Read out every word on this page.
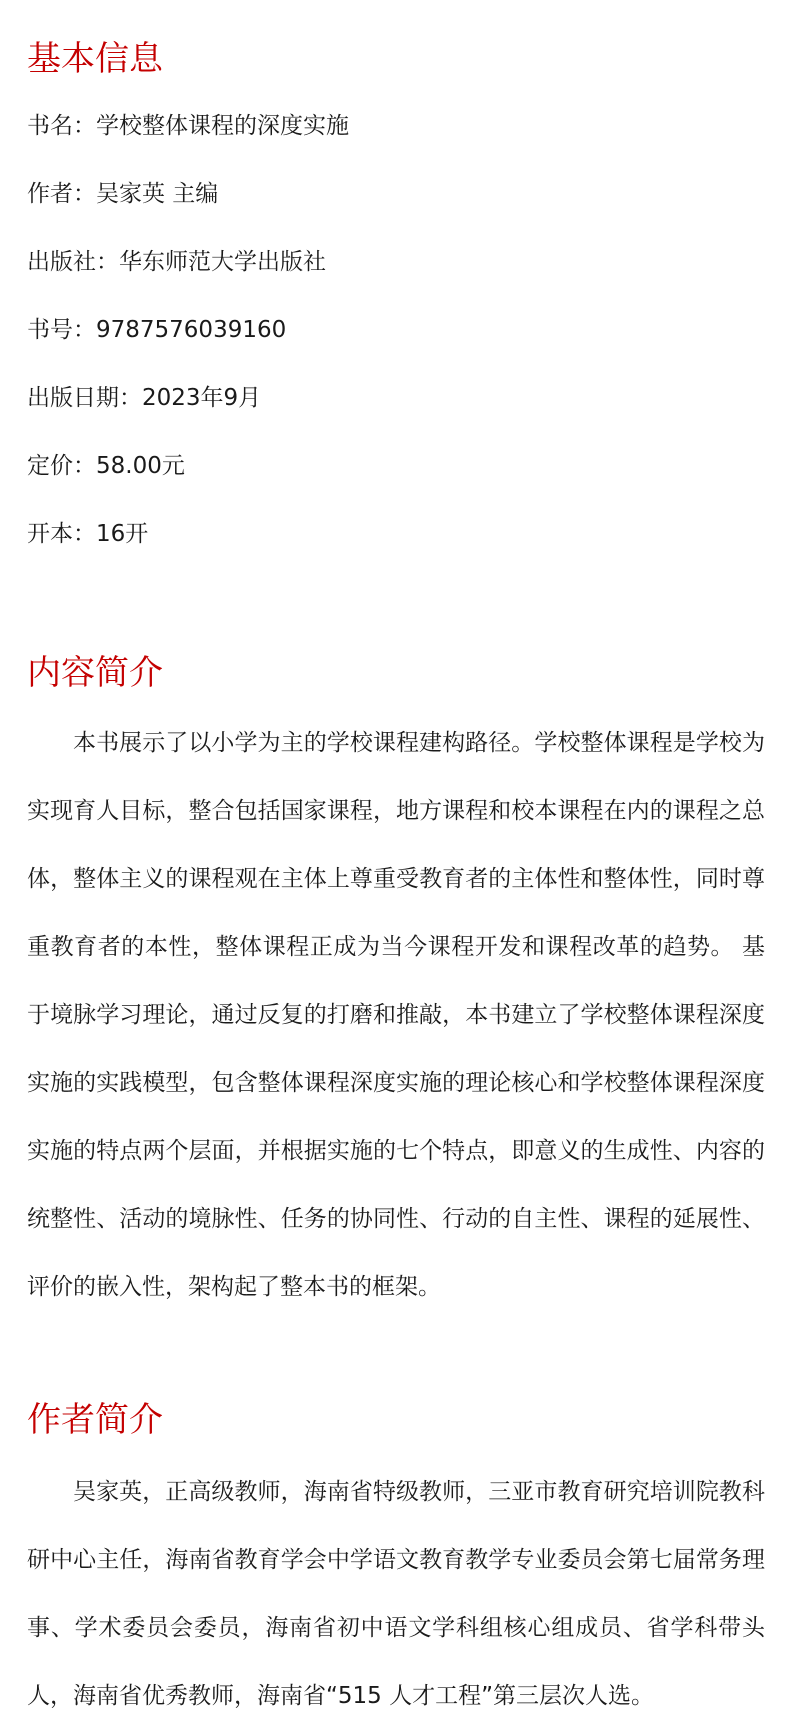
基本信息

书名：学校整体课程的深度实施

作者：吴家英 主编

出版社：华东师范大学出版社

书号：9787576039160

出版日期：2023年9月

定价：58.00元

开本：16开

内容简介

本书展示了以小学为主的学校课程建构路径。学校整体课程是学校为实现育人目标，整合包括国家课程，地方课程和校本课程在内的课程之总体，整体主义的课程观在主体上尊重受教育者的主体性和整体性，同时尊重教育者的本性，整体课程正成为当今课程开发和课程改革的趋势。 基于境脉学习理论，通过反复的打磨和推敲，本书建立了学校整体课程深度实施的实践模型，包含整体课程深度实施的理论核心和学校整体课程深度实施的特点两个层面，并根据实施的七个特点，即意义的生成性、内容的统整性、活动的境脉性、任务的协同性、行动的自主性、课程的延展性、评价的嵌入性，架构起了整本书的框架。

作者简介

吴家英，正高级教师，海南省特级教师，三亚市教育研究培训院教科研中心主任，海南省教育学会中学语文教育教学专业委员会第七届常务理事、学术委员会委员，海南省初中语文学科组核心组成员、省学科带头人，海南省优秀教师，海南省“515 人才工程”第三层次人选。
